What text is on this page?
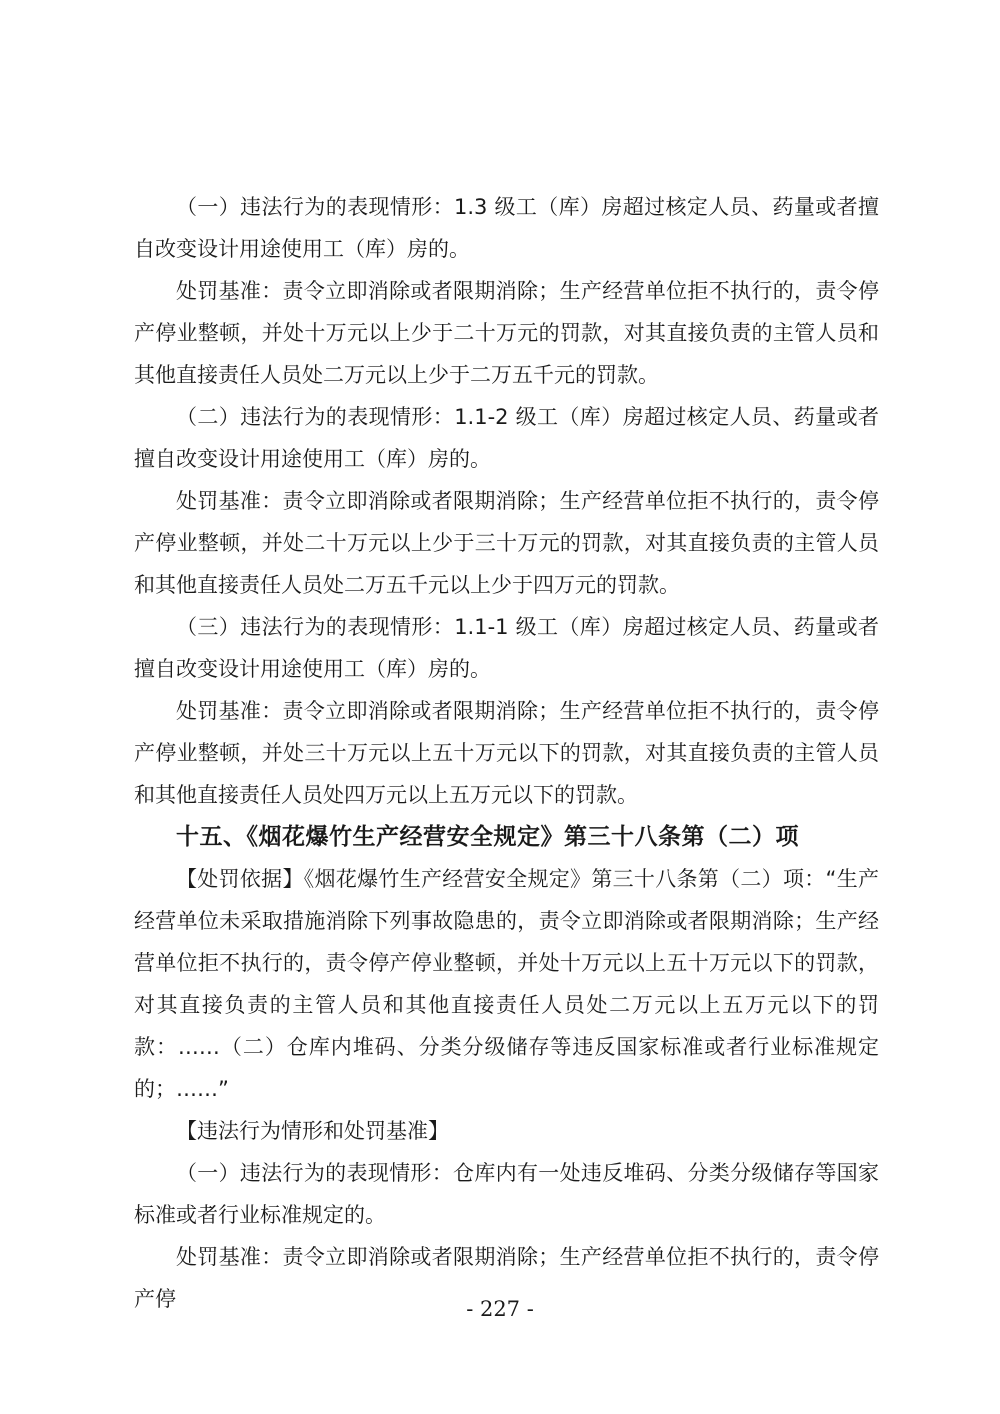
（一）违法行为的表现情形：1.3 级工（库）房超过核定人员、药量或者擅自改变设计用途使用工（库）房的。

处罚基准：责令立即消除或者限期消除；生产经营单位拒不执行的，责令停产停业整顿，并处十万元以上少于二十万元的罚款，对其直接负责的主管人员和其他直接责任人员处二万元以上少于二万五千元的罚款。

（二）违法行为的表现情形：1.1-2 级工（库）房超过核定人员、药量或者擅自改变设计用途使用工（库）房的。

处罚基准：责令立即消除或者限期消除；生产经营单位拒不执行的，责令停产停业整顿，并处二十万元以上少于三十万元的罚款，对其直接负责的主管人员和其他直接责任人员处二万五千元以上少于四万元的罚款。

（三）违法行为的表现情形：1.1-1 级工（库）房超过核定人员、药量或者擅自改变设计用途使用工（库）房的。

处罚基准：责令立即消除或者限期消除；生产经营单位拒不执行的，责令停产停业整顿，并处三十万元以上五十万元以下的罚款，对其直接负责的主管人员和其他直接责任人员处四万元以上五万元以下的罚款。

十五、《烟花爆竹生产经营安全规定》第三十八条第（二）项

【处罚依据】《烟花爆竹生产经营安全规定》第三十八条第（二）项：“生产经营单位未采取措施消除下列事故隐患的，责令立即消除或者限期消除；生产经营单位拒不执行的，责令停产停业整顿，并处十万元以上五十万元以下的罚款，对其直接负责的主管人员和其他直接责任人员处二万元以上五万元以下的罚款：……（二）仓库内堆码、分类分级储存等违反国家标准或者行业标准规定的；……”

【违法行为情形和处罚基准】

（一）违法行为的表现情形：仓库内有一处违反堆码、分类分级储存等国家标准或者行业标准规定的。

处罚基准：责令立即消除或者限期消除；生产经营单位拒不执行的，责令停产停	- 227 -
